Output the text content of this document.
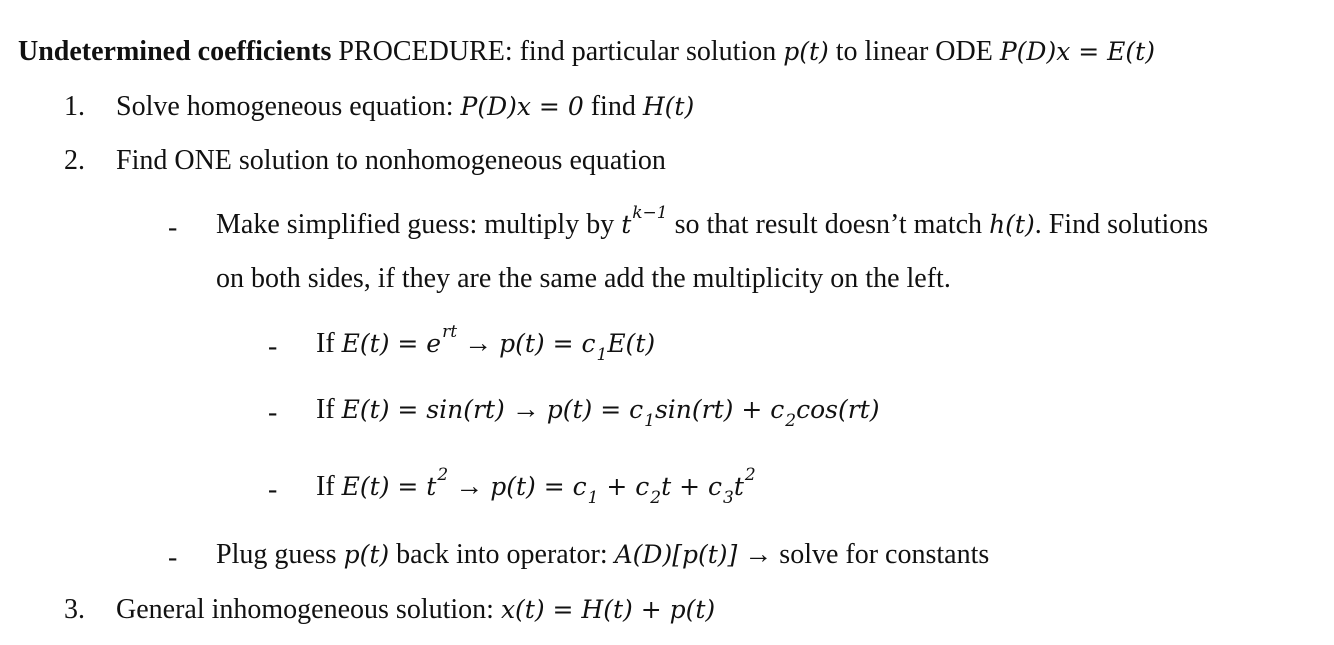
Undetermined coefficients PROCEDURE: find particular solution p(t) to linear ODE P(D)x = E(t)
1. Solve homogeneous equation: P(D)x = 0 find H(t)
2. Find ONE solution to nonhomogeneous equation
- Make simplified guess: multiply by $t^{k-1}$ so that result doesn’t match h(t). Find solutions
on both sides, if they are the same add the multiplicity on the left.
- If $E(t) = e^{rt} \to p(t) = c_1E(t)$
- If $E(t) = \sin(rt) \to p(t) = c_1\sin(rt) + c_2\cos(rt)$
- If $E(t) = t^2 \to p(t) = c_1 + c_2t + c_3t^2$
- Plug guess p(t) back into operator: A(D)[p(t)] → solve for constants
3. General inhomogeneous solution: x(t) = H(t) + p(t)
